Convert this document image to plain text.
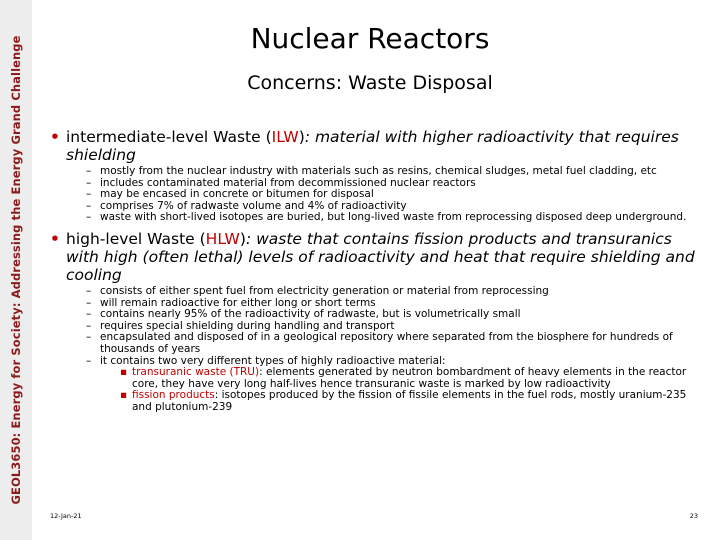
GEOL3650: Energy for Society: Addressing the Energy Grand Challenge	Nuclear Reactors
Concerns: Waste Disposal
• intermediate-level Waste (ILW): material with higher radioactivity that requires shielding
– mostly from the nuclear industry with materials such as resins, chemical sludges, metal fuel cladding, etc
– includes contaminated material from decommissioned nuclear reactors
– may be encased in concrete or bitumen for disposal
– comprises 7% of radwaste volume and 4% of radioactivity
– waste with short-lived isotopes are buried, but long-lived waste from reprocessing disposed deep underground.
• high-level Waste (HLW): waste that contains fission products and transuranics with high (often lethal) levels of radioactivity and heat that require shielding and cooling
– consists of either spent fuel from electricity generation or material from reprocessing
– will remain radioactive for either long or short terms
– contains nearly 95% of the radioactivity of radwaste, but is volumetrically small
– requires special shielding during handling and transport
– encapsulated and disposed of in a geological repository where separated from the biosphere for hundreds of thousands of years
– it contains two very different types of highly radioactive material:
▪ transuranic waste (TRU): elements generated by neutron bombardment of heavy elements in the reactor core, they have very long half-lives hence transuranic waste is marked by low radioactivity
▪ fission products: isotopes produced by the fission of fissile elements in the fuel rods, mostly uranium-235 and plutonium-239
12-Jan-21	23
